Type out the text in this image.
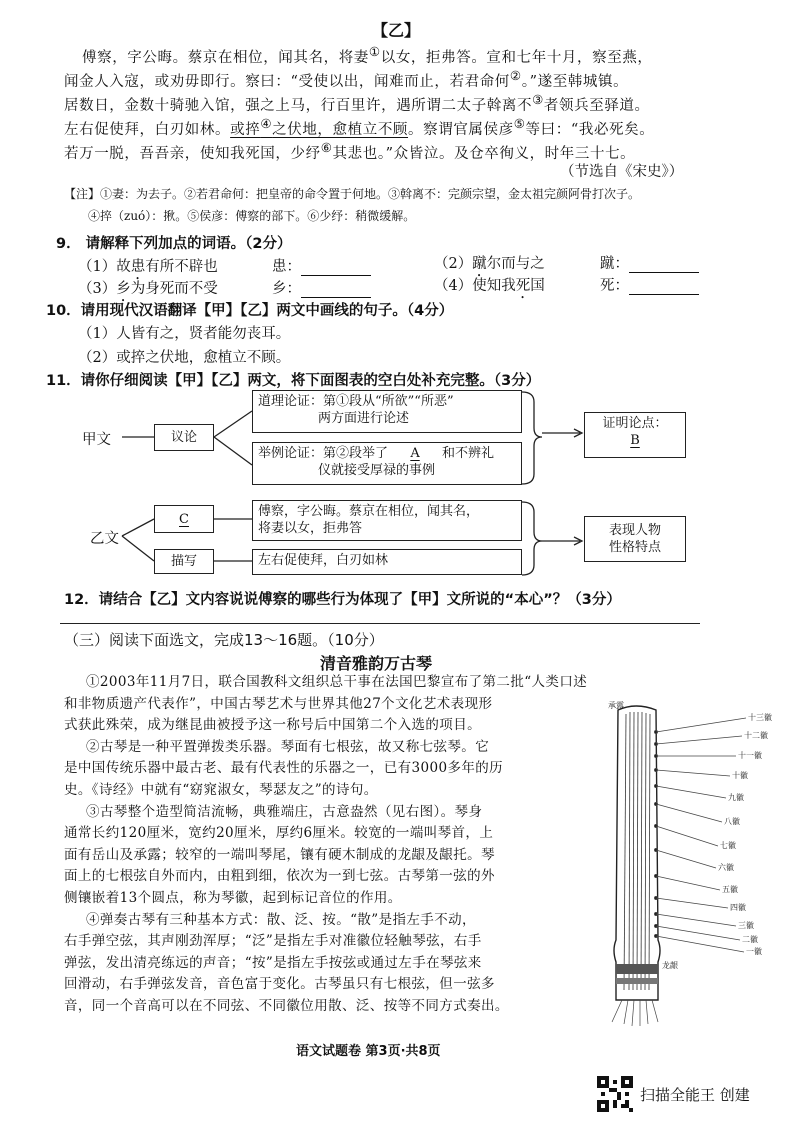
【乙】
傅察，字公晦。蔡京在相位，闻其名，将妻①以女，拒弗答。宣和七年十月，察至燕，
闻金人入寇，或劝毋即行。察曰：“受使以出，闻难而止，若君命何②。”遂至韩城镇。
居数日，金数十骑驰入馆，强之上马，行百里许，遇所谓二太子斡离不③者领兵至驿道。
左右促使拜，白刃如林。或捽④之伏地，愈植立不顾。察谓官属侯彦⑤等曰：“我必死矣。
若万一脱，吾吾亲，使知我死国，少纾⑥其悲也。”众皆泣。及仓卒徇义，时年三十七。
（节选自《宋史》）
【注】①妻：为去子。②若君命何：把皇帝的命令置于何地。③斡离不：完颜宗望，金太祖完颜阿骨打次子。
④捽（zuó）：揪。⑤侯彦：傅察的部下。⑥少纾：稍微缓解。
9． 请解释下列加点的词语。（2分）
（1）故患有所不辟也	患：	（2）蹴尔而与之	蹴：
（3）乡为身死而不受	乡：	（4）使知我死国	死：
10．请用现代汉语翻译【甲】【乙】两文中画线的句子。（4分）
（1）人皆有之，贤者能勿丧耳。
（2）或捽之伏地，愈植立不顾。
11．请你仔细阅读【甲】【乙】两文，将下面图表的空白处补充完整。（3分）
甲文	议论
道理论证：第①段从“所欲”“所恶”
两方面进行论述
举例论证：第②段举了 A 和不辨礼
仪就接受厚禄的事例
证明论点：
B
乙文
C
描写
傅察，字公晦。蔡京在相位，闻其名，
将妻以女，拒弗答
左右促使拜，白刃如林
表现人物
性格特点
12．请结合【乙】文内容说说傅察的哪些行为体现了【甲】文所说的“本心”？（3分）
（三）阅读下面选文，完成13～16题。（10分）
清音雅韵万古琴
①2003年11月7日，联合国教科文组织总干事在法国巴黎宣布了第二批“人类口述
和非物质遗产代表作”，中国古琴艺术与世界其他27个文化艺术表现形
式获此殊荣，成为继昆曲被授予这一称号后中国第二个入选的项目。
②古琴是一种平置弹拨类乐器。琴面有七根弦，故又称七弦琴。它
是中国传统乐器中最古老、最有代表性的乐器之一，已有3000多年的历
史。《诗经》中就有“窈窕淑女，琴瑟友之”的诗句。
③古琴整个造型简洁流畅，典雅端庄，古意盎然（见右图）。琴身
通常长约120厘米，宽约20厘米，厚约6厘米。较宽的一端叫琴首，上
面有岳山及承露；较窄的一端叫琴尾，镶有硬木制成的龙龈及龈托。琴
面上的七根弦自外而内，由粗到细，依次为一到七弦。古琴第一弦的外
侧镶嵌着13个圆点，称为琴徽，起到标记音位的作用。
④弹奏古琴有三种基本方式：散、泛、按。“散”是指左手不动，
右手弹空弦，其声刚劲浑厚；“泛”是指左手对准徽位轻触琴弦，右手
弹弦，发出清亮练远的声音；“按”是指左手按弦或通过左手在琴弦来
回滑动，右手弹弦发音，音色富于变化。古琴虽只有七根弦，但一弦多
音，同一个音高可以在不同弦、不同徽位用散、泛、按等不同方式奏出。
十三徽
十二徽
十一徽
十徽
九徽
八徽
七徽
六徽
五徽
四徽
三徽
二徽
一徽
承露
龙龈
语文试题卷 第3页·共8页
扫描全能王 创建
